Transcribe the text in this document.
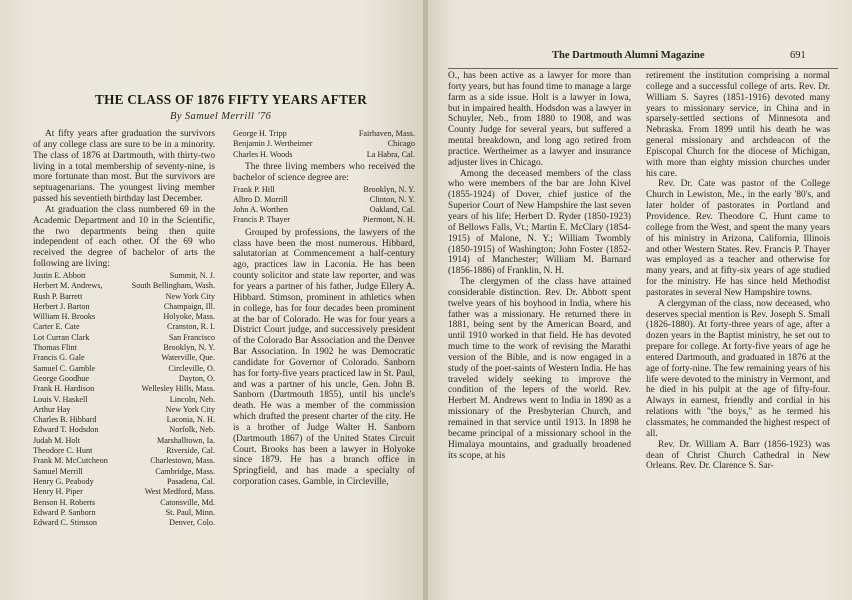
THE CLASS OF 1876 FIFTY YEARS AFTER
By Samuel Merrill '76

At fifty years after graduation the survivors of any college class are sure to be in a minority. The class of 1876 at Dartmouth, with thirty-two living in a total membership of seventy-nine, is more fortunate than most. But the survivors are septuagenarians. The youngest living member passed his seventieth birthday last December.

At graduation the class numbered 69 in the Academic Department and 10 in the Scientific, the two departments being then quite independent of each other. Of the 69 who received the degree of bachelor of arts the following are living:

Justin E. Abbott	Summit, N. J.
Herbert M. Andrews,	South Bellingham, Wash.
Rush P. Barrett	New York City
Herbert J. Barton	Champaign, Ill.
William H. Brooks	Holyoke, Mass.
Carter E. Cate	Cranston, R. I.
Lot Curran Clark	San Francisco
Thomas Flint	Brooklyn, N. Y.
Francis G. Gale	Waterville, Que.
Samuel C. Gamble	Circleville, O.
George Goodhue	Dayton, O.
Frank H. Hardison	Wellesley Hills, Mass.
Louis V. Haskell	Lincoln, Neb.
Arthur Hay	New York City
Charles B. Hibbard	Laconia, N. H.
Edward T. Hodsdon	Norfolk, Neb.
Judah M. Holt	Marshalltown, Ia.
Theodore C. Hunt	Riverside, Cal.
Frank M. McCutcheon	Charlestown, Mass.
Samuel Merrill	Cambridge, Mass.
Henry G. Peabody	Pasadena, Cal.
Henry H. Piper	West Medford, Mass.
Benson H. Roberts	Catonsville, Md.
Edward P. Sanborn	St. Paul, Minn.
Edward C. Stimson	Denver, Colo.
George H. Tripp	Fairhaven, Mass.
Benjamin J. Wertheimer	Chicago
Charles H. Woods	La Habra, Cal.

The three living members who received the bachelor of science degree are:

Frank P. Hill	Brooklyn, N. Y.
Albro D. Morrill	Clinton, N. Y.
John A. Worthen	Oakland, Cal.
Francis P. Thayer	Piermont, N. H.

Grouped by professions, the lawyers of the class have been the most numerous. Hibbard, salutatorian at Commencement a half-century ago, practices law in Laconia. He has been county solicitor and state law reporter, and was for years a partner of his father, Judge Ellery A. Hibbard. Stimson, prominent in athletics when in college, has for four decades been prominent at the bar of Colorado. He was for four years a District Court judge, and successively president of the Colorado Bar Association and the Denver Bar Association. In 1902 he was Democratic candidate for Governor of Colorado. Sanborn has for forty-five years practiced law in St. Paul, and was a partner of his uncle, Gen. John B. Sanborn (Dartmouth 1855), until his uncle's death. He was a member of the commission which drafted the present charter of the city. He is a brother of Judge Walter H. Sanborn (Dartmouth 1867) of the United States Circuit Court. Brooks has been a lawyer in Holyoke since 1879. He has a branch office in Springfield, and has made a specialty of corporation cases. Gamble, in Circleville,

The Dartmouth Alumni Magazine	691

O., has been active as a lawyer for more than forty years, but has found time to manage a large farm as a side issue. Holt is a lawyer in Iowa, but in impaired health. Hodsdon was a lawyer in Schuyler, Neb., from 1880 to 1908, and was County Judge for several years, but suffered a mental breakdown, and long ago retired from practice. Wertheimer as a lawyer and insurance adjuster lives in Chicago.

Among the deceased members of the class who were members of the bar are John Kivel (1855-1924) of Dover, chief justice of the Superior Court of New Hampshire the last seven years of his life; Herbert D. Ryder (1850-1923) of Bellows Falls, Vt.; Martin E. McClary (1854-1915) of Malone, N. Y.; William Twombly (1850-1915) of Washington; John Foster (1852-1914) of Manchester; William M. Barnard (1856-1886) of Franklin, N. H.

The clergymen of the class have attained considerable distinction. Rev. Dr. Abbott spent twelve years of his boyhood in India, where his father was a missionary. He returned there in 1881, being sent by the American Board, and until 1910 worked in that field. He has devoted much time to the work of revising the Marathi version of the Bible, and is now engaged in a study of the poet-saints of Western India. He has traveled widely seeking to improve the condition of the lepers of the world. Rev. Herbert M. Andrews went to India in 1890 as a missionary of the Presbyterian Church, and remained in that service until 1913. In 1898 he became principal of a missionary school in the Himalaya mountains, and gradually broadened its scope, at his

retirement the institution comprising a normal college and a successful college of arts. Rev. Dr. William S. Sayres (1851-1916) devoted many years to missionary service, in China and in sparsely-settled sections of Minnesota and Nebraska. From 1899 until his death he was general missionary and archdeacon of the Episcopal Church for the diocese of Michigan, with more than eighty mission churches under his care.

Rev. Dr. Cate was pastor of the College Church in Lewiston, Me., in the early '80's, and later holder of pastorates in Portland and Providence. Rev. Theodore C. Hunt came to college from the West, and spent the many years of his ministry in Arizona, California, Illinois and other Western States. Rev. Francis P. Thayer was employed as a teacher and otherwise for many years, and at fifty-six years of age studied for the ministry. He has since held Methodist pastorates in several New Hampshire towns.

A clergyman of the class, now deceased, who deserves special mention is Rev. Joseph S. Small (1826-1880). At forty-three years of age, after a dozen years in the Baptist ministry, he set out to prepare for college. At forty-five years of age he entered Dartmouth, and graduated in 1876 at the age of forty-nine. The few remaining years of his life were devoted to the ministry in Vermont, and he died in his pulpit at the age of fifty-four. Always in earnest, friendly and cordial in his relations with "the boys," as he termed his classmates, he commanded the highest respect of all.

Rev. Dr. William A. Barr (1856-1923) was dean of Christ Church Cathedral in New Orleans. Rev. Dr. Clarence S. Sar-
